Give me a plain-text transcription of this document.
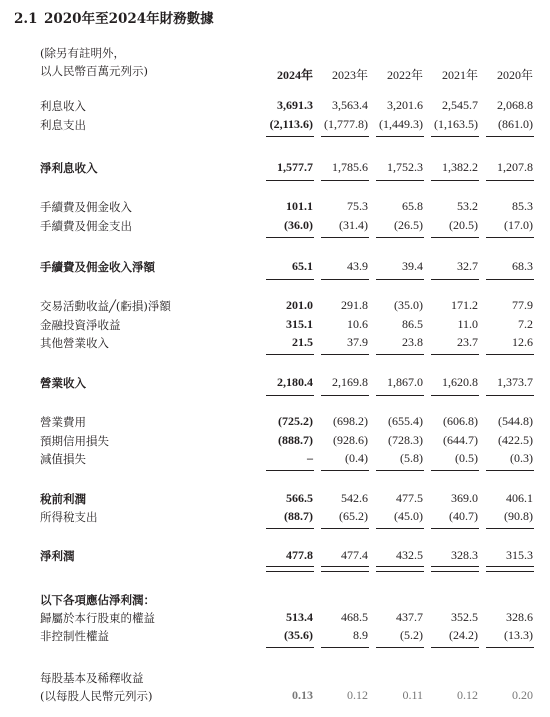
2.1 2020年至2024年財務數據
(除另有註明外，
以人民幣百萬元列示)	2024年	2023年	2022年	2021年	2020年
利息收入	3,691.3	3,563.4	3,201.6	2,545.7	2,068.8
利息支出	(2,113.6) (1,777.8) (1,449.3) (1,163.5)	(861.0)
淨利息收入	1,577.7	1,785.6	1,752.3	1,382.2	1,207.8
手續費及佣金收入	101.1	75.3	65.8	53.2	85.3
手續費及佣金支出	(36.0)	(31.4)	(26.5)	(20.5)	(17.0)
手續費及佣金收入淨額	65.1	43.9	39.4	32.7	68.3
交易活動收益╱(虧損)淨額	201.0	291.8	(35.0)	171.2	77.9
金融投資淨收益	315.1	10.6	86.5	11.0	7.2
其他營業收入	21.5	37.9	23.8	23.7	12.6
營業收入	2,180.4	2,169.8	1,867.0	1,620.8	1,373.7
營業費用	(725.2)	(698.2)	(655.4)	(606.8)	(544.8)
預期信用損失	(888.7)	(928.6)	(728.3)	(644.7)	(422.5)
減值損失	–	(0.4)	(5.8)	(0.5)	(0.3)
稅前利潤	566.5	542.6	477.5	369.0	406.1
所得稅支出	(88.7)	(65.2)	(45.0)	(40.7)	(90.8)
淨利潤	477.8	477.4	432.5	328.3	315.3
以下各項應佔淨利潤：
歸屬於本行股東的權益	513.4	468.5	437.7	352.5	328.6
非控制性權益	(35.6)	8.9	(5.2)	(24.2)	(13.3)
每股基本及稀釋收益
(以每股人民幣元列示)	0.13	0.12	0.11	0.12	0.20
